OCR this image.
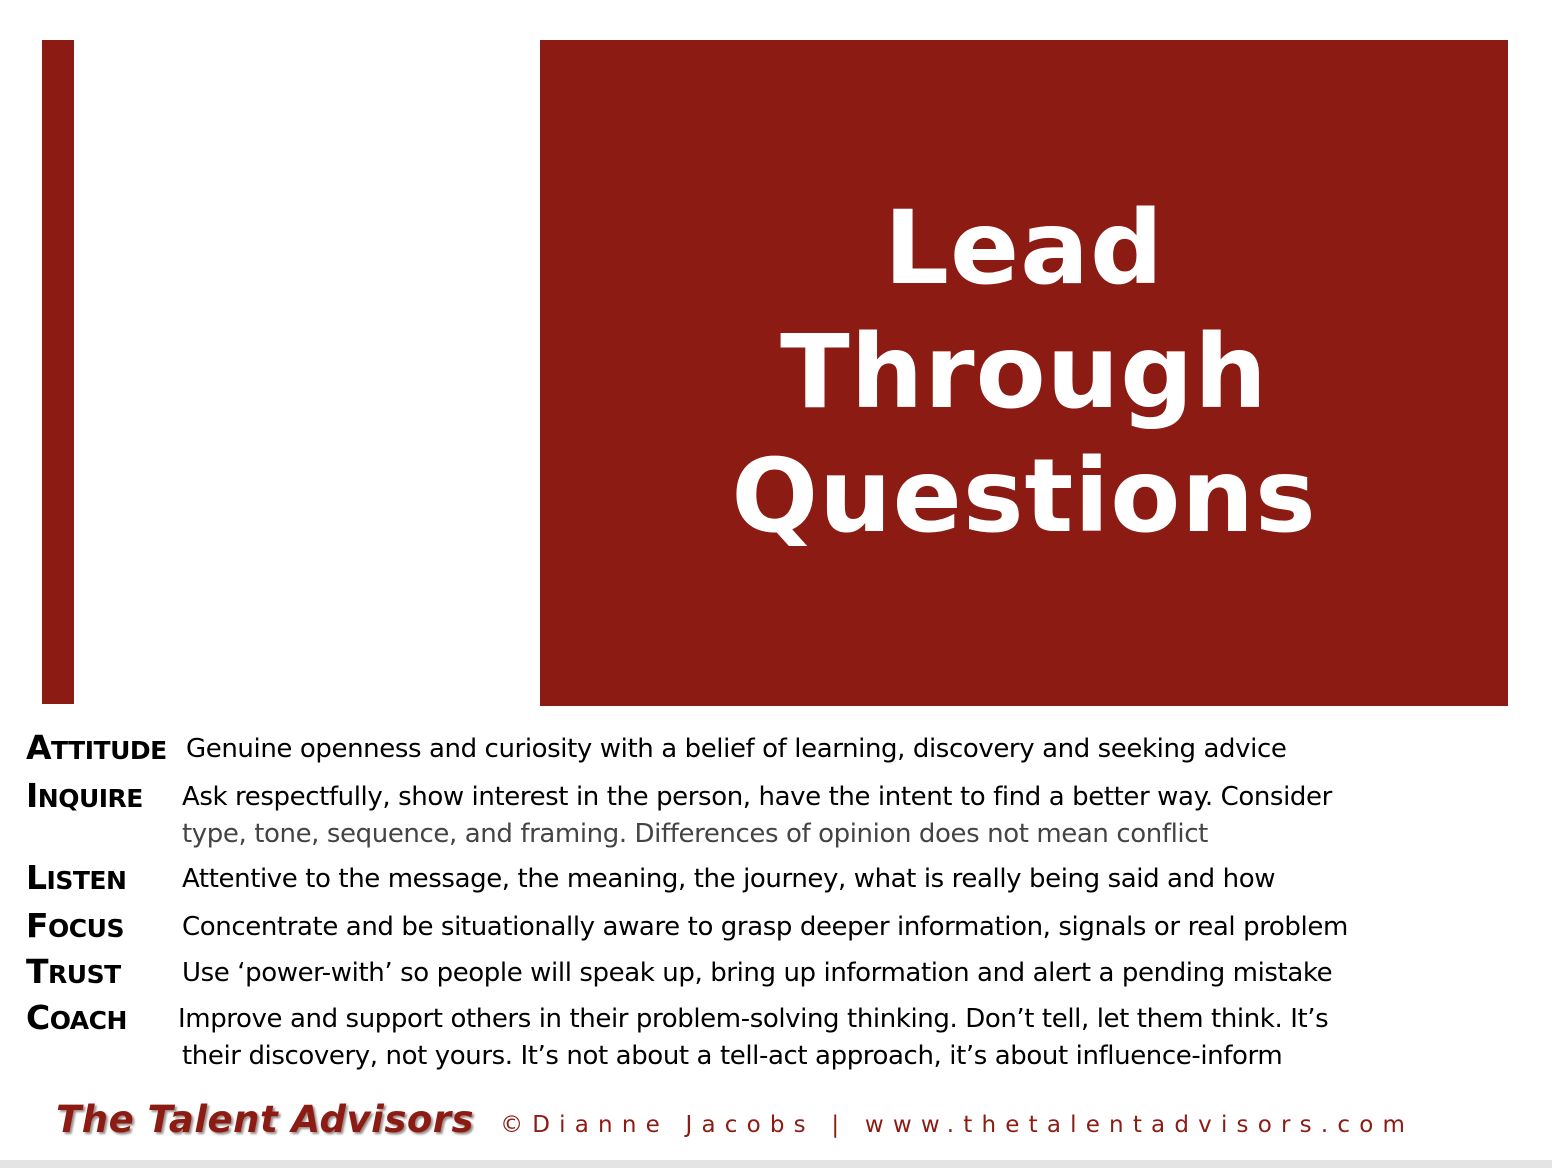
Lead
Through
Questions
ATTITUDE Genuine openness and curiosity with a belief of learning, discovery and seeking advice
INQUIRE	Ask respectfully, show interest in the person, have the intent to find a better way. Consider
type, tone, sequence, and framing. Differences of opinion does not mean conflict
LISTEN	Attentive to the message, the meaning, the journey, what is really being said and how
FOCUS	Concentrate and be situationally aware to grasp deeper information, signals or real problem
TRUST	Use ‘power-with’ so people will speak up, bring up information and alert a pending mistake
COACH	Improve and support others in their problem-solving thinking. Don’t tell, let them think. It’s
their discovery, not yours. It’s not about a tell-act approach, it’s about influence-inform
The Talent Advisors ©Dianne Jacobs | www.thetalentadvisors.com
